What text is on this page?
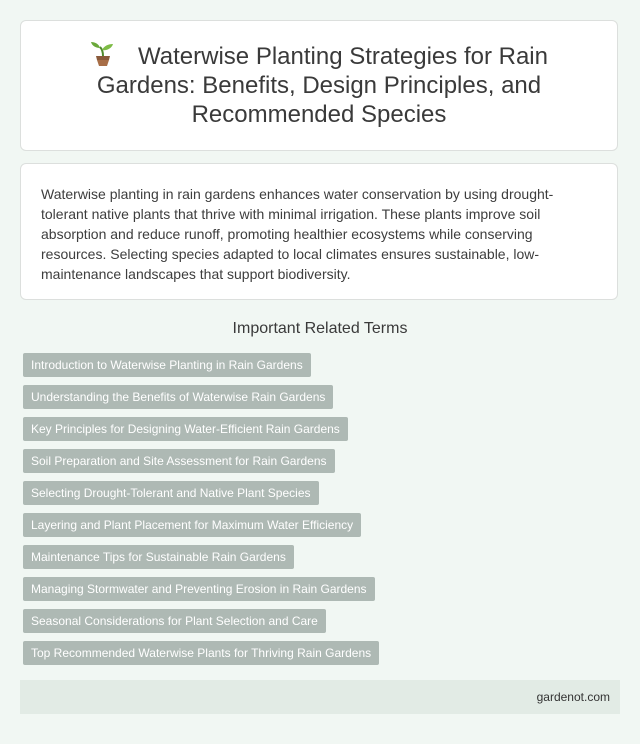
Waterwise Planting Strategies for Rain Gardens: Benefits, Design Principles, and Recommended Species

Waterwise planting in rain gardens enhances water conservation by using drought-tolerant native plants that thrive with minimal irrigation. These plants improve soil absorption and reduce runoff, promoting healthier ecosystems while conserving resources. Selecting species adapted to local climates ensures sustainable, low-maintenance landscapes that support biodiversity.

Important Related Terms
Introduction to Waterwise Planting in Rain Gardens
Understanding the Benefits of Waterwise Rain Gardens
Key Principles for Designing Water-Efficient Rain Gardens
Soil Preparation and Site Assessment for Rain Gardens
Selecting Drought-Tolerant and Native Plant Species
Layering and Plant Placement for Maximum Water Efficiency
Maintenance Tips for Sustainable Rain Gardens
Managing Stormwater and Preventing Erosion in Rain Gardens
Seasonal Considerations for Plant Selection and Care
Top Recommended Waterwise Plants for Thriving Rain Gardens
gardenot.com
